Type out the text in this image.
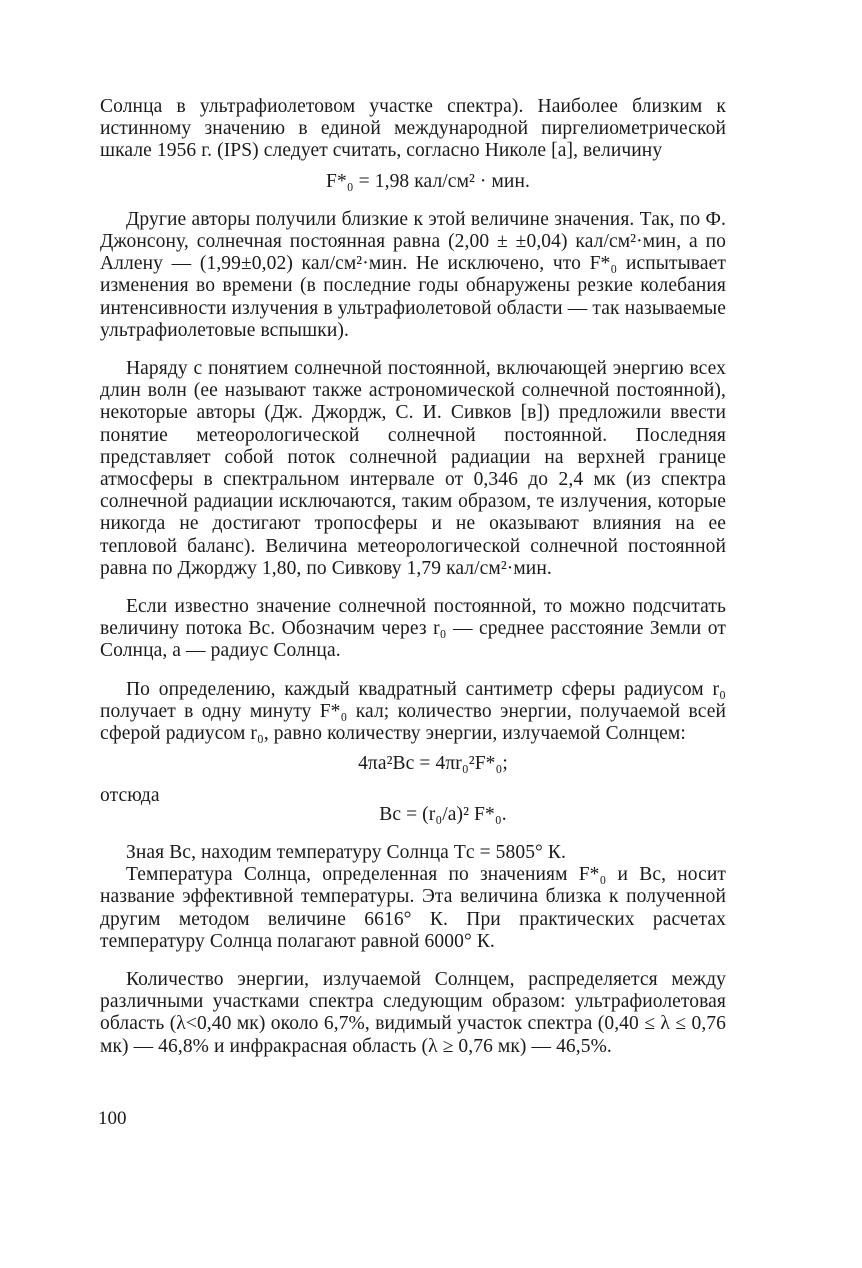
Солнца в ультрафиолетовом участке спектра). Наиболее близким к истинному значению в единой международной пиргелиометрической шкале 1956 г. (IPS) следует считать, согласно Николе [а], величину

F*₀ = 1,98 кал/см² · мин.

Другие авторы получили близкие к этой величине значения. Так, по Ф. Джонсону, солнечная постоянная равна (2,00 ± ±0,04) кал/см²·мин, а по Аллену — (1,99±0,02) кал/см²·мин. Не исключено, что F*₀ испытывает изменения во времени (в последние годы обнаружены резкие колебания интенсивности излучения в ультрафиолетовой области — так называемые ультрафиолетовые вспышки).

Наряду с понятием солнечной постоянной, включающей энергию всех длин волн (ее называют также астрономической солнечной постоянной), некоторые авторы (Дж. Джордж, С. И. Сивков [в]) предложили ввести понятие метеорологической солнечной постоянной. Последняя представляет собой поток солнечной радиации на верхней границе атмосферы в спектральном интервале от 0,346 до 2,4 мк (из спектра солнечной радиации исключаются, таким образом, те излучения, которые никогда не достигают тропосферы и не оказывают влияния на ее тепловой баланс). Величина метеорологической солнечной постоянной равна по Джорджу 1,80, по Сивкову 1,79 кал/см²·мин.

Если известно значение солнечной постоянной, то можно подсчитать величину потока Bс. Обозначим через r₀ — среднее расстояние Земли от Солнца, a — радиус Солнца.

По определению, каждый квадратный сантиметр сферы радиусом r₀ получает в одну минуту F*₀ кал; количество энергии, получаемой всей сферой радиусом r₀, равно количеству энергии, излучаемой Солнцем:

4πa²Bс = 4πr₀²F*₀;

отсюда

Bс = (r₀/a)² F*₀.

Зная Bс, находим температуру Солнца Tс = 5805° К.

Температура Солнца, определенная по значениям F*₀ и Bс, носит название эффективной температуры. Эта величина близка к полученной другим методом величине 6616° К. При практических расчетах температуру Солнца полагают равной 6000° К.

Количество энергии, излучаемой Солнцем, распределяется между различными участками спектра следующим образом: ультрафиолетовая область (λ<0,40 мк) около 6,7%, видимый участок спектра (0,40 ≤ λ ≤ 0,76 мк) — 46,8% и инфракрасная область (λ ≥ 0,76 мк) — 46,5%.

100
